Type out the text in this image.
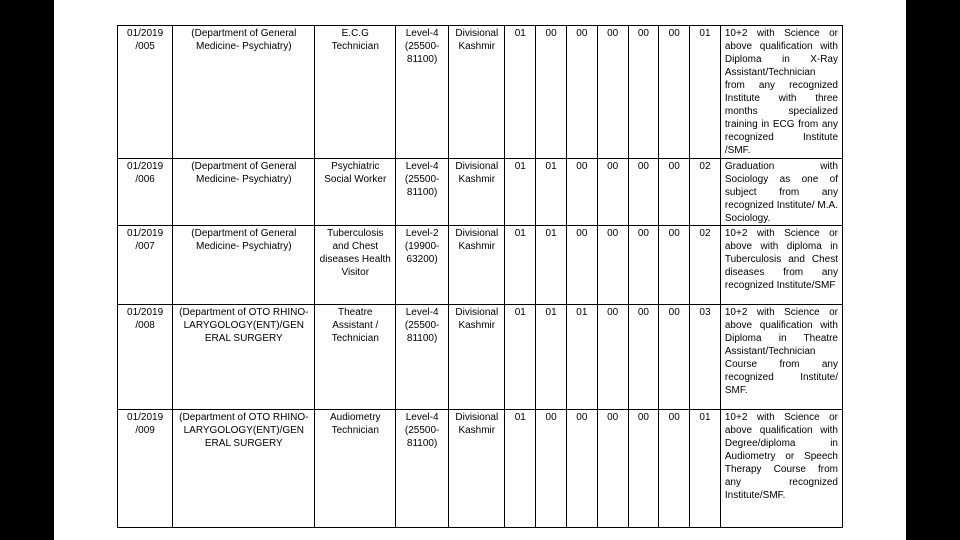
01/2019 /005	(Department of General Medicine- Psychiatry)	E.C.G Technician	Level-4 (25500- 81100)	Divisional Kashmir	01	00	00	00	00	00	01	10+2 with Science or above qualification with Diploma in X-Ray Assistant/Technician from any recognized Institute with three months specialized training in ECG from any recognized Institute /SMF.
01/2019 /006	(Department of General Medicine- Psychiatry)	Psychiatric Social Worker	Level-4 (25500- 81100)	Divisional Kashmir	01	01	00	00	00	00	02	Graduation with Sociology as one of subject from any recognized Institute/ M.A. Sociology.
01/2019 /007	(Department of General Medicine- Psychiatry)	Tuberculosis and Chest diseases Health Visitor	Level-2 (19900- 63200)	Divisional Kashmir	01	01	00	00	00	00	02	10+2 with Science or above with diploma in Tuberculosis and Chest diseases from any recognized Institute/SMF
01/2019 /008	(Department of OTO RHINO- LARYGOLOGY(ENT)/GEN ERAL SURGERY	Theatre Assistant / Technician	Level-4 (25500- 81100)	Divisional Kashmir	01	01	01	00	00	00	03	10+2 with Science or above qualification with Diploma in Theatre Assistant/Technician Course from any recognized Institute/ SMF.
01/2019 /009	(Department of OTO RHINO- LARYGOLOGY(ENT)/GEN ERAL SURGERY	Audiometry Technician	Level-4 (25500- 81100)	Divisional Kashmir	01	00	00	00	00	00	01	10+2 with Science or above qualification with Degree/diploma in Audiometry or Speech Therapy Course from any recognized Institute/SMF.
